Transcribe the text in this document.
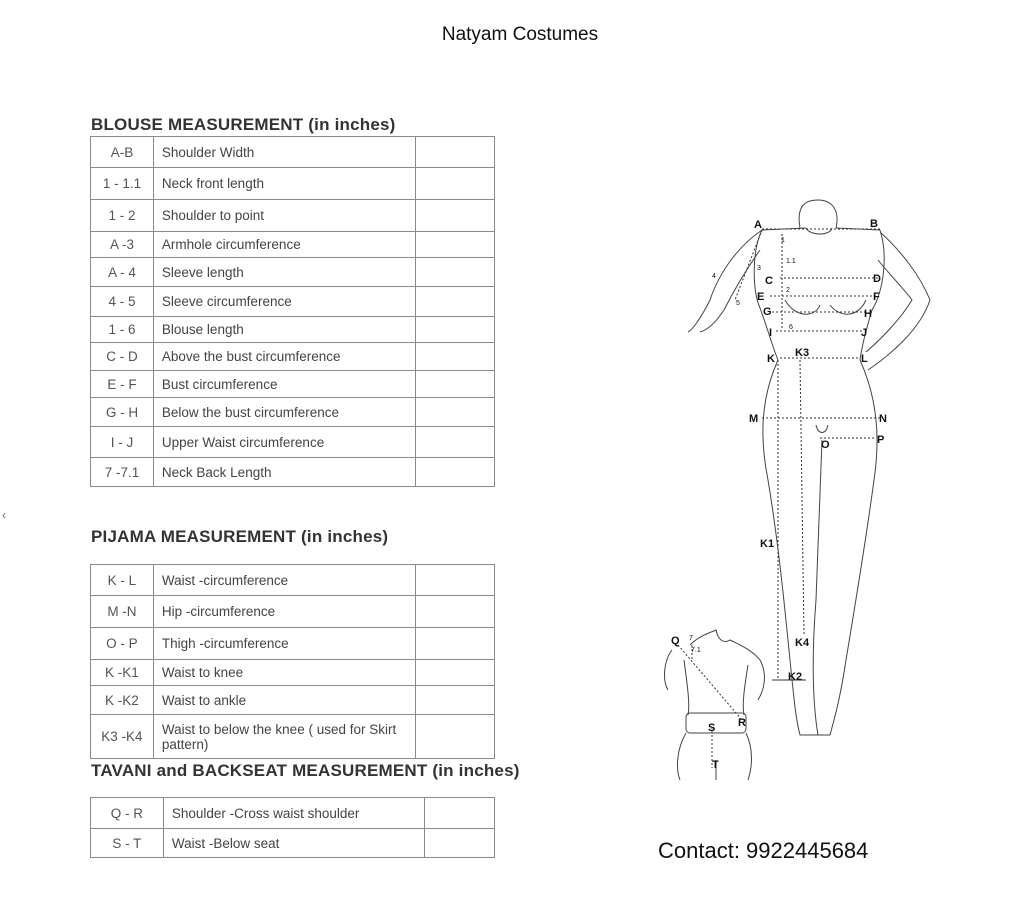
Natyam Costumes
BLOUSE MEASUREMENT (in inches)
A-B	Shoulder Width	
1 - 1.1	Neck front length	
1 - 2	Shoulder to point	
A -3	Armhole circumference	
A - 4	Sleeve length	
4 - 5	Sleeve circumference	
1 - 6	Blouse length	
C - D	Above the bust circumference	
E - F	Bust circumference	
G - H	Below the bust circumference	
I - J	Upper Waist circumference	
7 -7.1	Neck Back Length	
PIJAMA MEASUREMENT (in inches)
K - L	Waist -circumference	
M -N	Hip -circumference	
O - P	Thigh -circumference	
K -K1	Waist to knee	
K -K2	Waist to ankle	
K3 -K4	Waist to below the knee ( used for Skirt pattern)	
TAVANI and BACKSEAT MEASUREMENT (in inches)
Q - R	Shoulder -Cross waist shoulder	
S - T	Waist -Below seat	
‹
A	B
C	D
E	F
G	H
I	J
K K3	L
M	N
O	P
K1
K4
K2
1
1.1
2
3
4
5
6
Q 7
7.1
R
S
T
Contact: 9922445684
